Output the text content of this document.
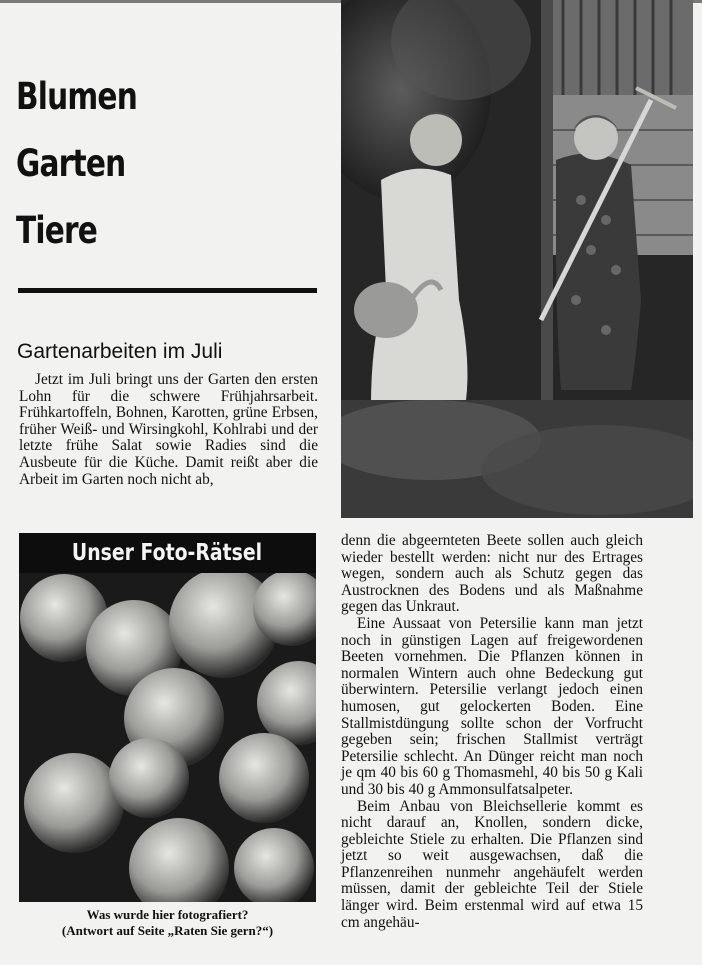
Blumen
Garten
Tiere
Gartenarbeiten im Juli

Jetzt im Juli bringt uns der Garten den ersten Lohn für die schwere Frühjahrsarbeit. Frühkartoffeln, Bohnen, Karotten, grüne Erbsen, früher Weiß- und Wirsingkohl, Kohlrabi und der letzte frühe Salat sowie Radies sind die Ausbeute für die Küche. Damit reißt aber die Arbeit im Garten noch nicht ab,

Unser Foto-Rätsel
Was wurde hier fotografiert?
(Antwort auf Seite „Raten Sie gern?“)

denn die abgeernteten Beete sollen auch gleich wieder bestellt werden: nicht nur des Ertrages wegen, sondern auch als Schutz gegen das Austrocknen des Bodens und als Maßnahme gegen das Unkraut.

Eine Aussaat von Petersilie kann man jetzt noch in günstigen Lagen auf freigewordenen Beeten vornehmen. Die Pflanzen können in normalen Wintern auch ohne Bedeckung gut überwintern. Petersilie verlangt jedoch einen humosen, gut gelockerten Boden. Eine Stallmistdüngung sollte schon der Vorfrucht gegeben sein; frischen Stallmist verträgt Petersilie schlecht. An Dünger reicht man noch je qm 40 bis 60 g Thomasmehl, 40 bis 50 g Kali und 30 bis 40 g Ammonsulfatsalpeter.

Beim Anbau von Bleichsellerie kommt es nicht darauf an, Knollen, sondern dicke, gebleichte Stiele zu erhalten. Die Pflanzen sind jetzt so weit ausgewachsen, daß die Pflanzenreihen nunmehr angehäufelt werden müssen, damit der gebleichte Teil der Stiele länger wird. Beim erstenmal wird auf etwa 15 cm angehäu-
